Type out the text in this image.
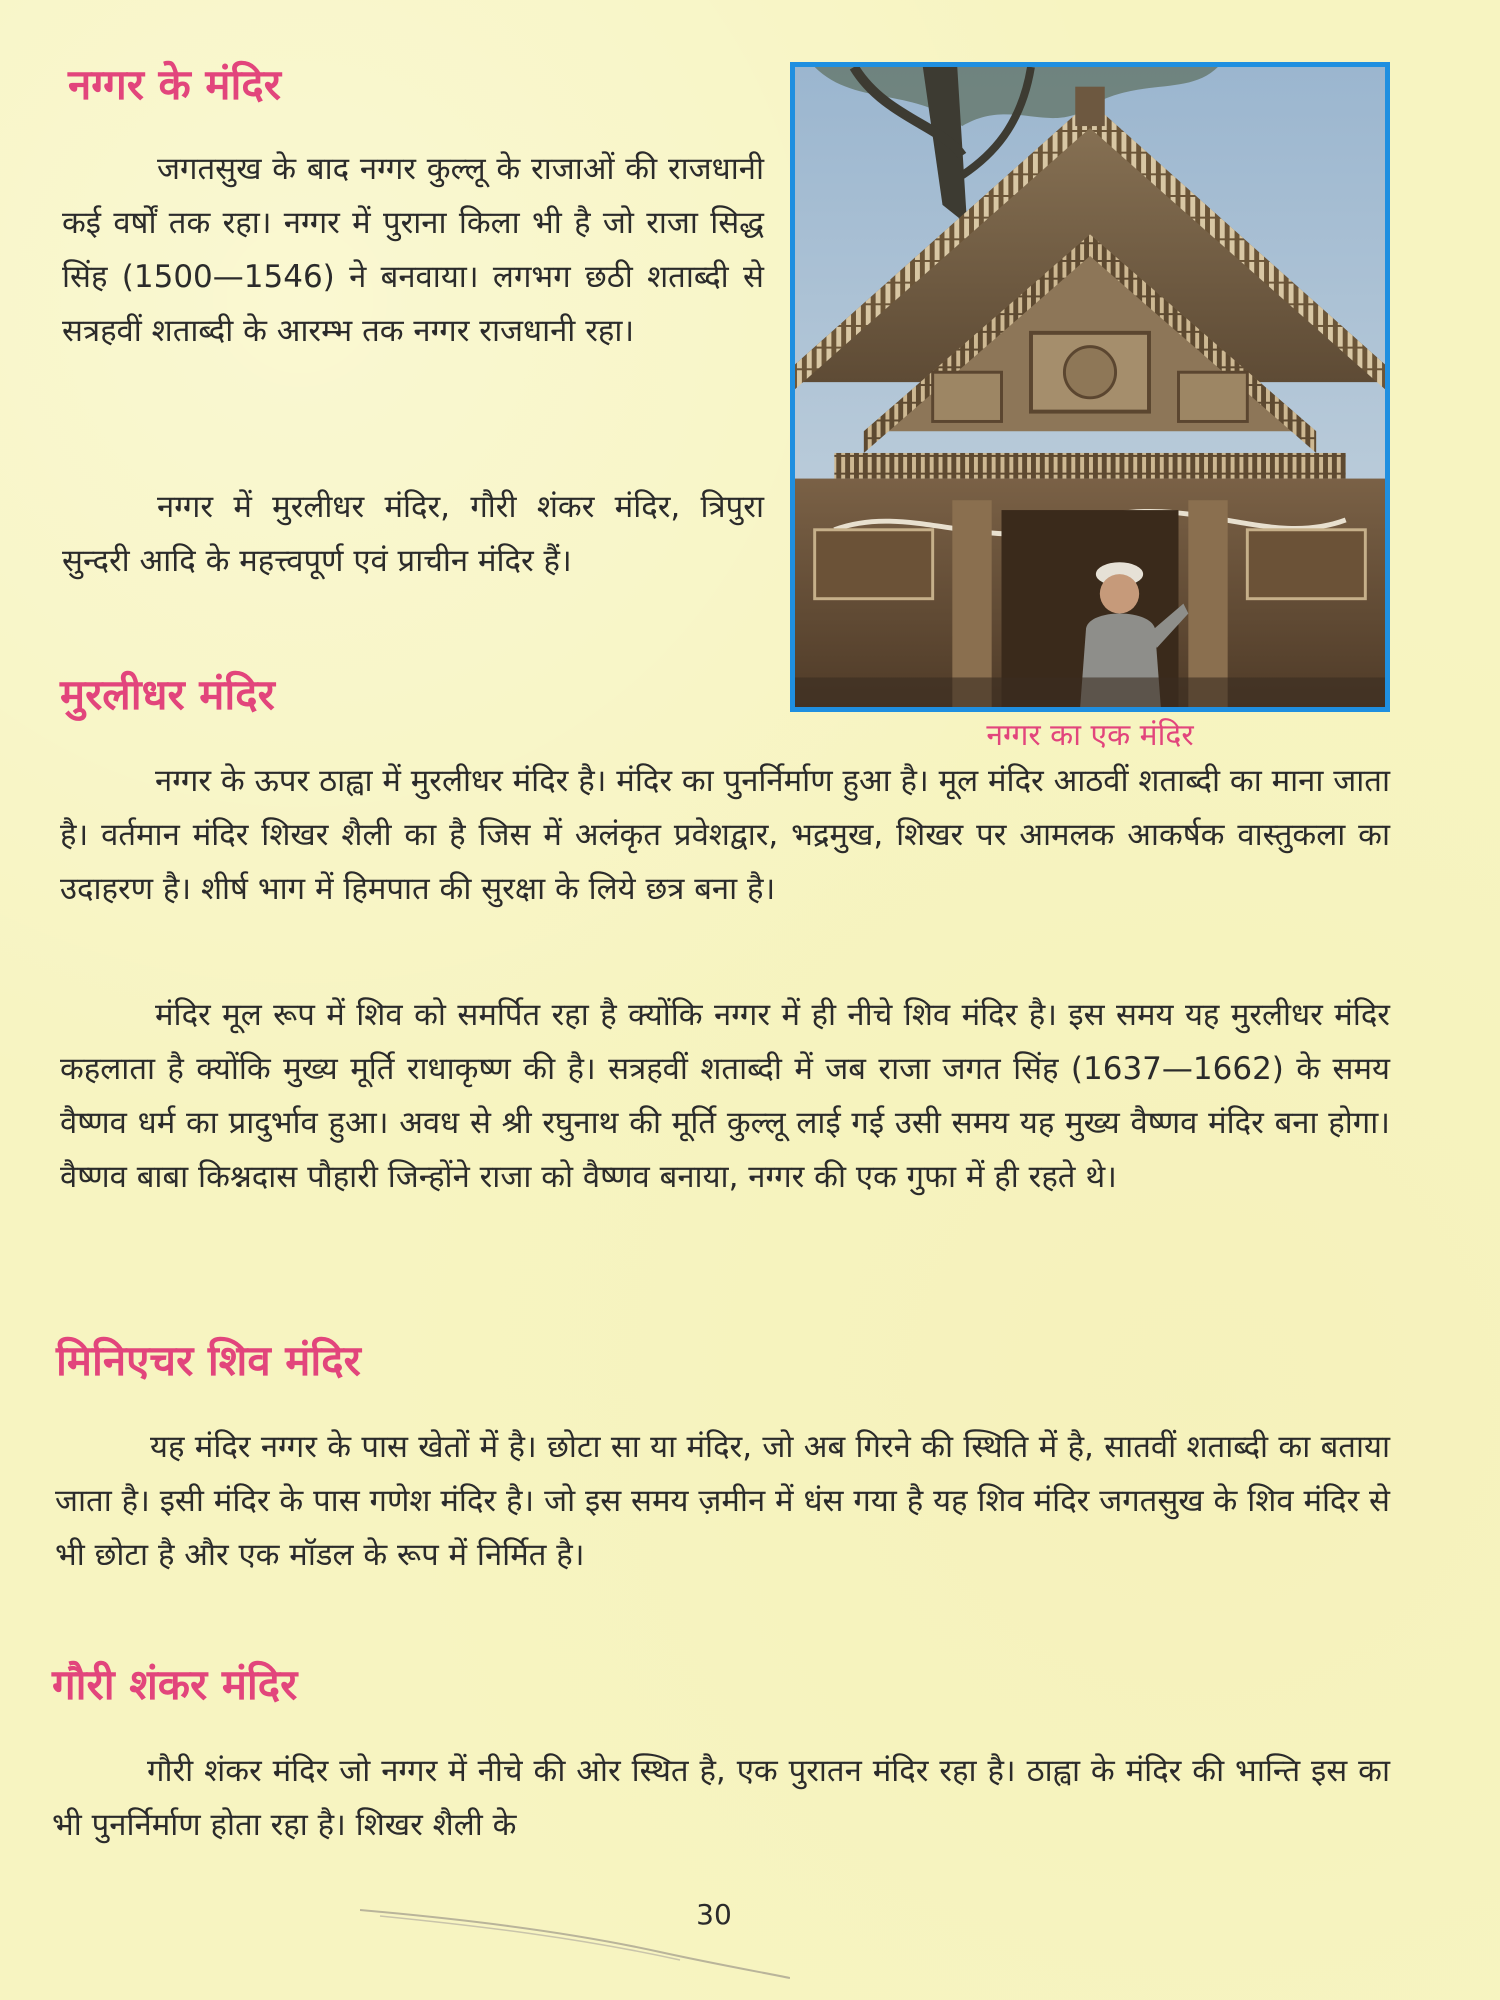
नग्गर के मंदिर

जगतसुख के बाद नग्गर कुल्लू के राजाओं की राजधानी कई वर्षों तक रहा। नग्गर में पुराना किला भी है जो राजा सिद्ध सिंह (1500—1546) ने बनवाया। लगभग छठी शताब्दी से सत्रहवीं शताब्दी के आरम्भ तक नग्गर राजधानी रहा।

नग्गर में मुरलीधर मंदिर, गौरी शंकर मंदिर, त्रिपुरा सुन्दरी आदि के महत्त्वपूर्ण एवं प्राचीन मंदिर हैं।

नग्गर का एक मंदिर
मुरलीधर मंदिर

नग्गर के ऊपर ठाह्वा में मुरलीधर मंदिर है। मंदिर का पुनर्निर्माण हुआ है। मूल मंदिर आठवीं शताब्दी का माना जाता है। वर्तमान मंदिर शिखर शैली का है जिस में अलंकृत प्रवेशद्वार, भद्रमुख, शिखर पर आमलक आकर्षक वास्तुकला का उदाहरण है। शीर्ष भाग में हिमपात की सुरक्षा के लिये छत्र बना है।

मंदिर मूल रूप में शिव को समर्पित रहा है क्योंकि नग्गर में ही नीचे शिव मंदिर है। इस समय यह मुरलीधर मंदिर कहलाता है क्योंकि मुख्य मूर्ति राधाकृष्ण की है। सत्रहवीं शताब्दी में जब राजा जगत सिंह (1637—1662) के समय वैष्णव धर्म का प्रादुर्भाव हुआ। अवध से श्री रघुनाथ की मूर्ति कुल्लू लाई गई उसी समय यह मुख्य वैष्णव मंदिर बना होगा। वैष्णव बाबा किश्नदास पौहारी जिन्होंने राजा को वैष्णव बनाया, नग्गर की एक गुफा में ही रहते थे।

मिनिएचर शिव मंदिर

यह मंदिर नग्गर के पास खेतों में है। छोटा सा या मंदिर, जो अब गिरने की स्थिति में है, सातवीं शताब्दी का बताया जाता है। इसी मंदिर के पास गणेश मंदिर है। जो इस समय ज़मीन में धंस गया है यह शिव मंदिर जगतसुख के शिव मंदिर से भी छोटा है और एक मॉडल के रूप में निर्मित है।

गौरी शंकर मंदिर

गौरी शंकर मंदिर जो नग्गर में नीचे की ओर स्थित है, एक पुरातन मंदिर रहा है। ठाह्वा के मंदिर की भान्ति इस का भी पुनर्निर्माण होता रहा है। शिखर शैली के

30
